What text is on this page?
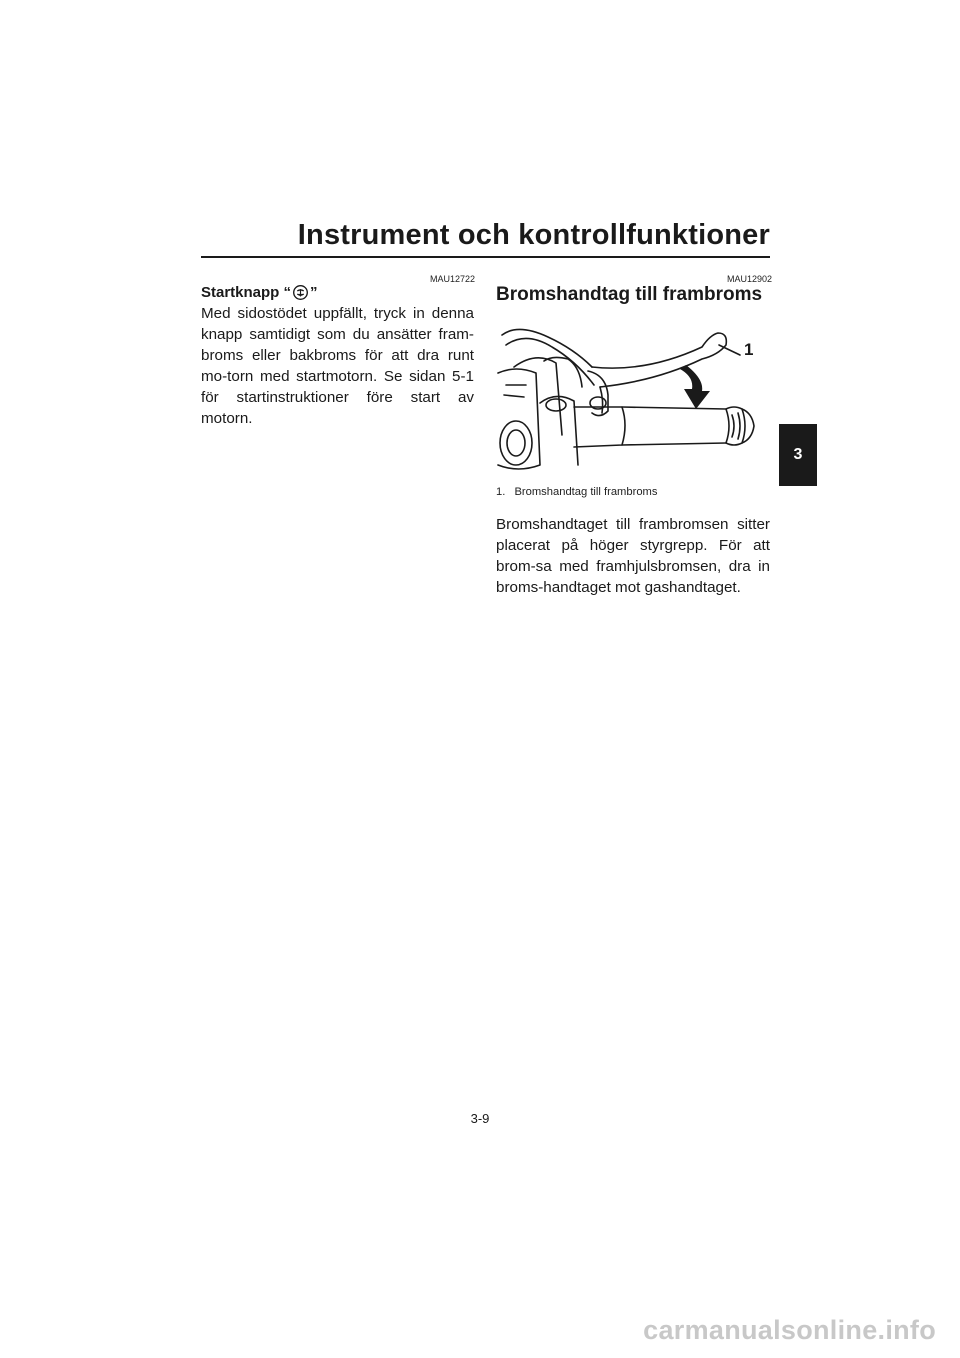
Instrument och kontrollfunktioner
MAU12722
Startknapp “ ”

Med sidostödet uppfällt, tryck in denna knapp samtidigt som du ansätter fram-broms eller bakbroms för att dra runt mo-torn med startmotorn. Se sidan 5-1 för startinstruktioner före start av motorn.

MAU12902
Bromshandtag till frambroms
1
1. Bromshandtag till frambroms

Bromshandtaget till frambromsen sitter placerat på höger styrgrepp. För att brom-sa med framhjulsbromsen, dra in broms-handtaget mot gashandtaget.

3
3-9
carmanualsonline.info
